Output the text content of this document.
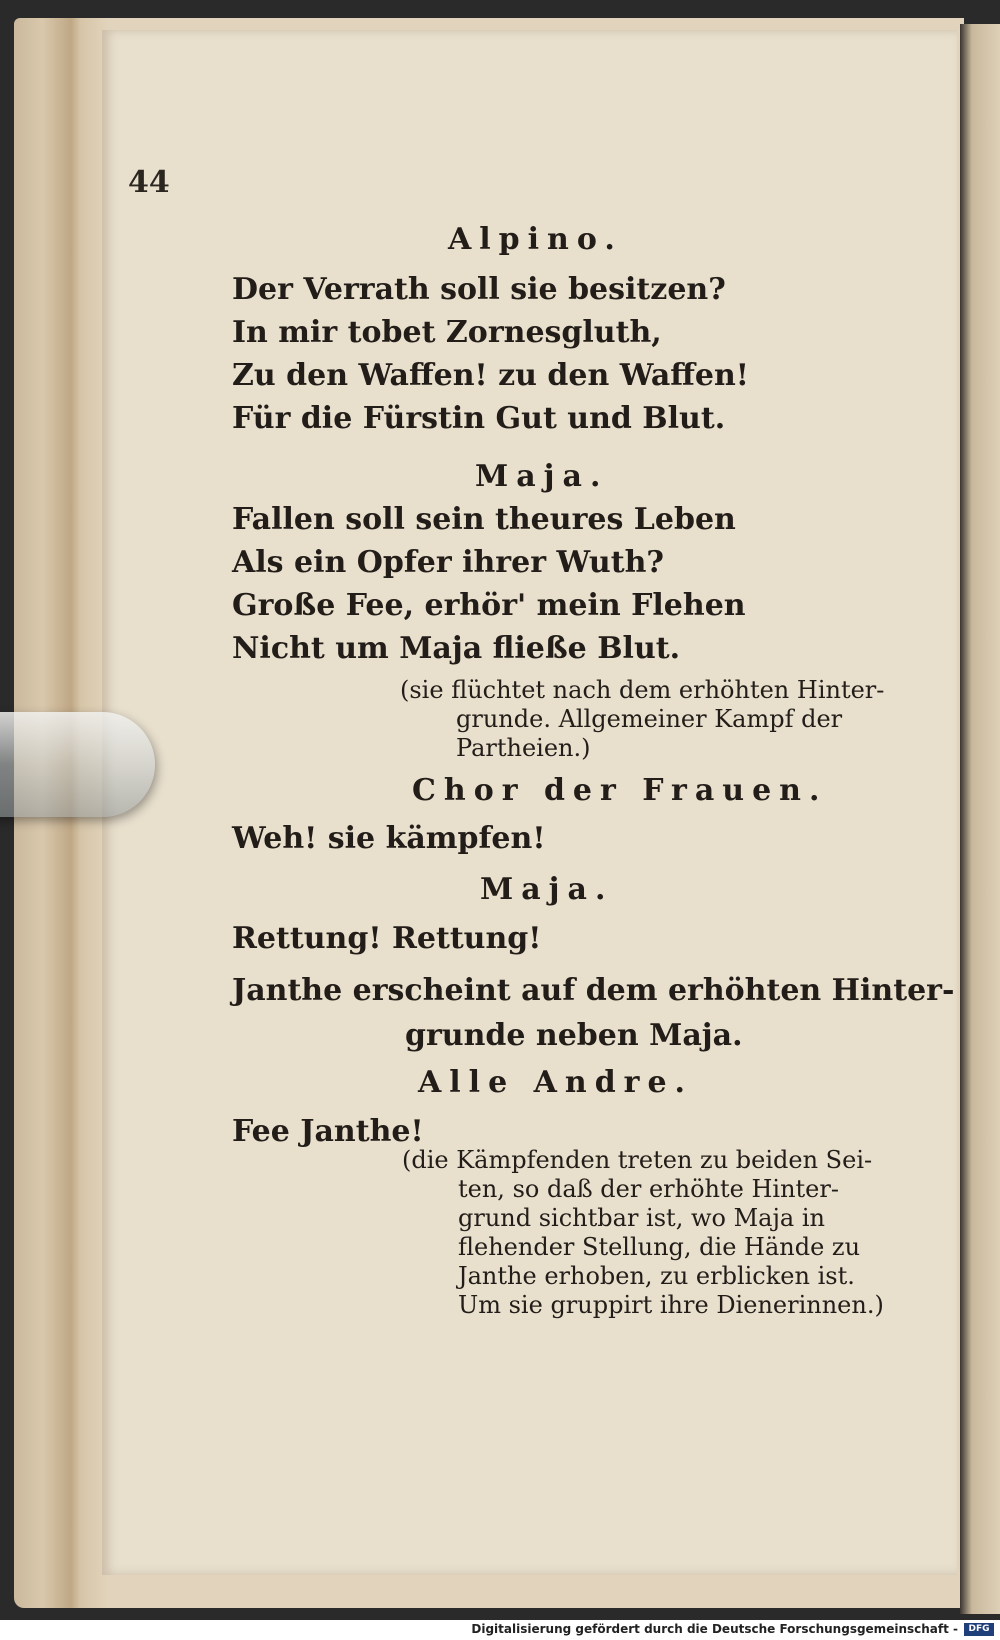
44
Alpino.
Der Verrath soll sie besitzen?
In mir tobet Zornesgluth,
Zu den Waffen! zu den Waffen!
Für die Fürstin Gut und Blut.
Maja.
Fallen soll sein theures Leben
Als ein Opfer ihrer Wuth?
Große Fee, erhör' mein Flehen
Nicht um Maja fließe Blut.
(sie flüchtet nach dem erhöhten Hinter-
grunde. Allgemeiner Kampf der
Partheien.)
Chor der Frauen.
Weh! sie kämpfen!
Maja.
Rettung! Rettung!
Janthe erscheint auf dem erhöhten Hinter-
grunde neben Maja.
Alle Andre.
Fee Janthe!
(die Kämpfenden treten zu beiden Sei-
ten, so daß der erhöhte Hinter-
grund sichtbar ist, wo Maja in
flehender Stellung, die Hände zu
Janthe erhoben, zu erblicken ist.
Um sie gruppirt ihre Dienerinnen.)
Digitalisierung gefördert durch die Deutsche Forschungsgemeinschaft -	DFG
